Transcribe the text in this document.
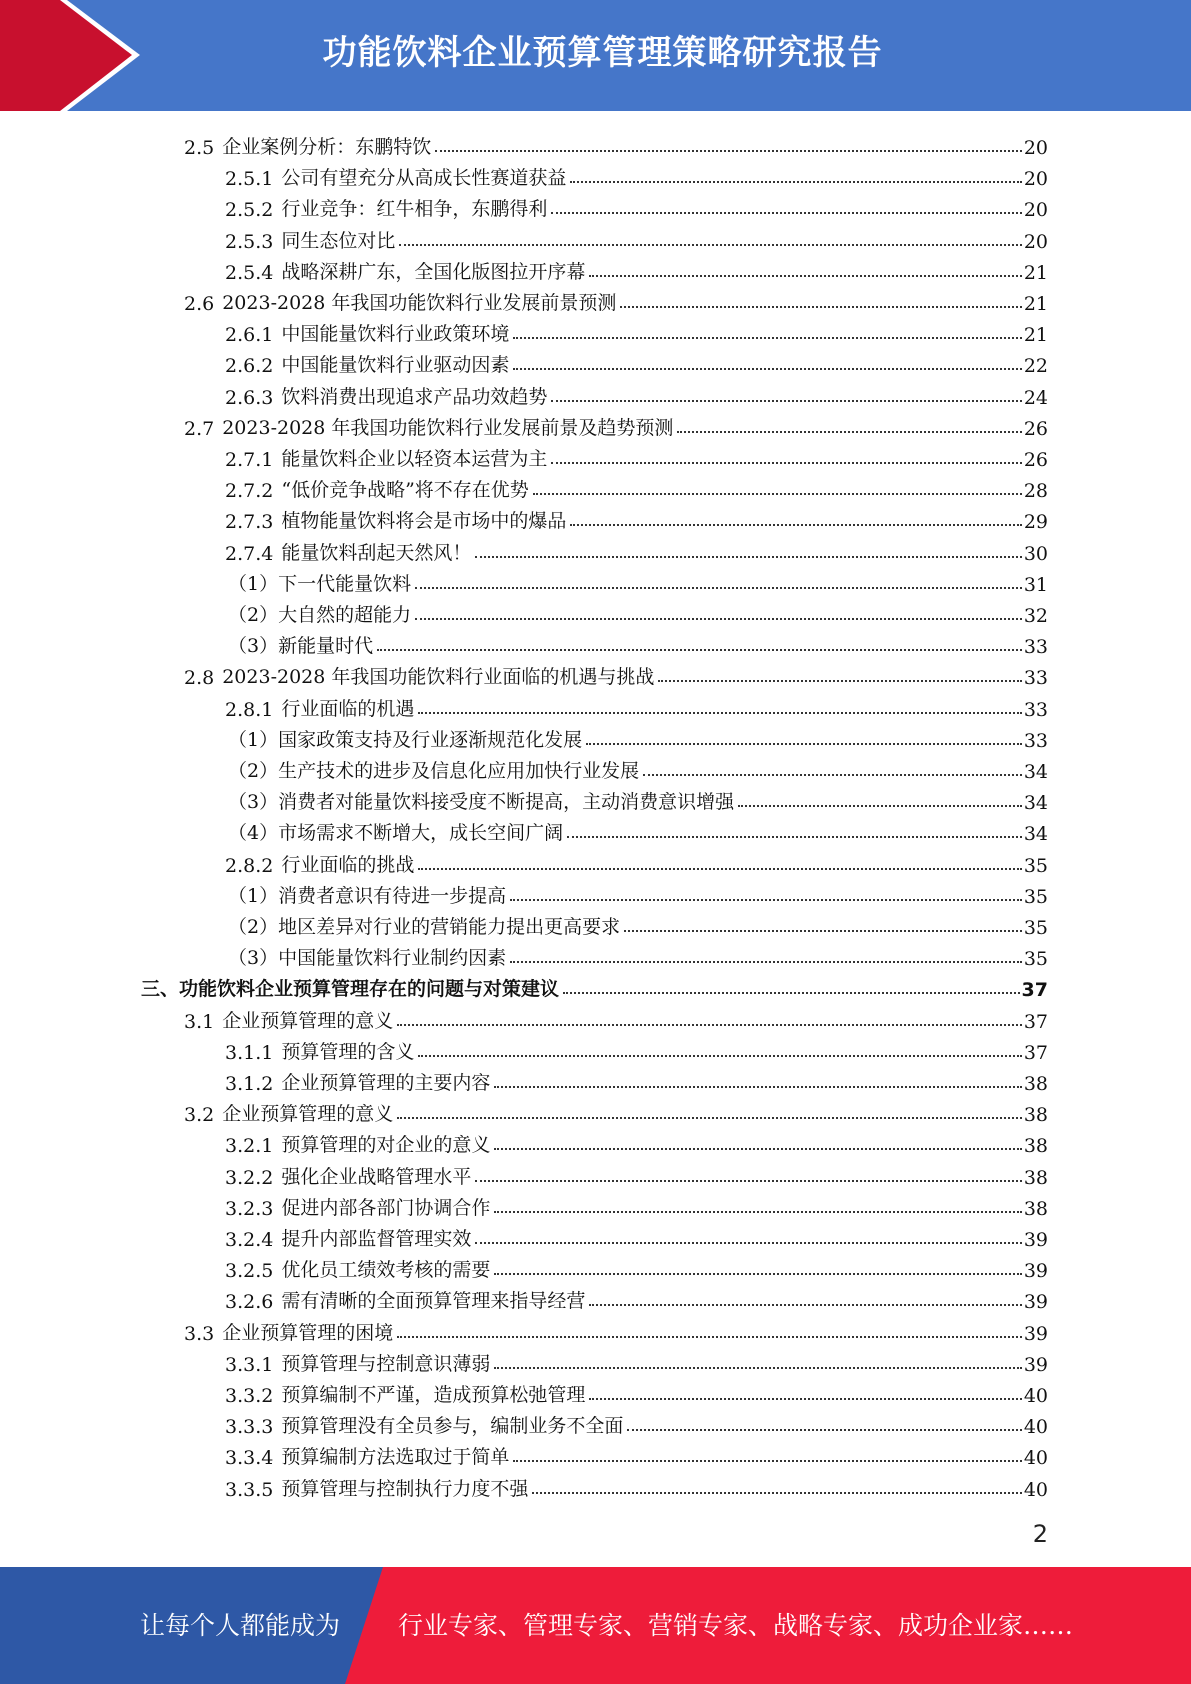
功能饮料企业预算管理策略研究报告
2.5 企业案例分析：东鹏特饮	20
2.5.1 公司有望充分从高成长性赛道获益	20
2.5.2 行业竞争：红牛相争，东鹏得利	20
2.5.3 同生态位对比	20
2.5.4 战略深耕广东，全国化版图拉开序幕	21
2.6 2023-2028 年我国功能饮料行业发展前景预测	21
2.6.1 中国能量饮料行业政策环境	21
2.6.2 中国能量饮料行业驱动因素	22
2.6.3 饮料消费出现追求产品功效趋势	24
2.7 2023-2028 年我国功能饮料行业发展前景及趋势预测	26
2.7.1 能量饮料企业以轻资本运营为主	26
2.7.2 “低价竞争战略”将不存在优势	28
2.7.3 植物能量饮料将会是市场中的爆品	29
2.7.4 能量饮料刮起天然风！	30
（1）下一代能量饮料	31
（2）大自然的超能力	32
（3）新能量时代	33
2.8 2023-2028 年我国功能饮料行业面临的机遇与挑战	33
2.8.1 行业面临的机遇	33
（1）国家政策支持及行业逐渐规范化发展	33
（2）生产技术的进步及信息化应用加快行业发展	34
（3）消费者对能量饮料接受度不断提高，主动消费意识增强	34
（4）市场需求不断增大，成长空间广阔	34
2.8.2 行业面临的挑战	35
（1）消费者意识有待进一步提高	35
（2）地区差异对行业的营销能力提出更高要求	35
（3）中国能量饮料行业制约因素	35
三、功能饮料企业预算管理存在的问题与对策建议	37
3.1 企业预算管理的意义	37
3.1.1 预算管理的含义	37
3.1.2 企业预算管理的主要内容	38
3.2 企业预算管理的意义	38
3.2.1 预算管理的对企业的意义	38
3.2.2 强化企业战略管理水平	38
3.2.3 促进内部各部门协调合作	38
3.2.4 提升内部监督管理实效	39
3.2.5 优化员工绩效考核的需要	39
3.2.6 需有清晰的全面预算管理来指导经营	39
3.3 企业预算管理的困境	39
3.3.1 预算管理与控制意识薄弱	39
3.3.2 预算编制不严谨，造成预算松弛管理	40
3.3.3 预算管理没有全员参与，编制业务不全面	40
3.3.4 预算编制方法选取过于简单	40
3.3.5 预算管理与控制执行力度不强	40
2
让每个人都能成为 行业专家、管理专家、营销专家、战略专家、成功企业家……
